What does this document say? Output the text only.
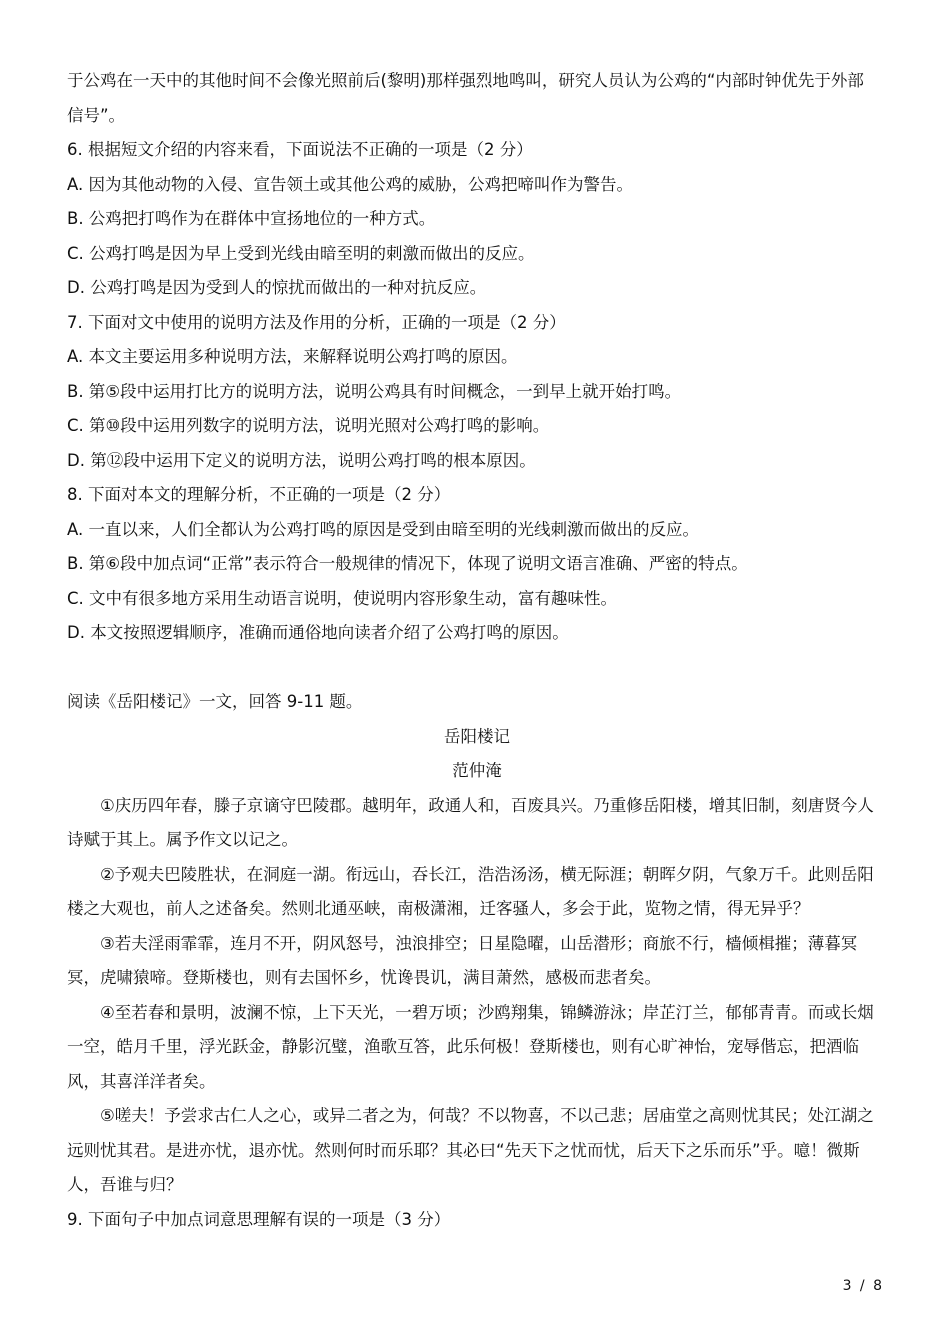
于公鸡在一天中的其他时间不会像光照前后(黎明)那样强烈地鸣叫，研究人员认为公鸡的“内部时钟优先于外部
信号”。
6. 根据短文介绍的内容来看，下面说法不正确的一项是（2 分）
A. 因为其他动物的入侵、宣告领土或其他公鸡的威胁，公鸡把啼叫作为警告。
B. 公鸡把打鸣作为在群体中宣扬地位的一种方式。
C. 公鸡打鸣是因为早上受到光线由暗至明的刺激而做出的反应。
D. 公鸡打鸣是因为受到人的惊扰而做出的一种对抗反应。
7. 下面对文中使用的说明方法及作用的分析，正确的一项是（2 分）
A. 本文主要运用多种说明方法，来解释说明公鸡打鸣的原因。
B. 第⑤段中运用打比方的说明方法，说明公鸡具有时间概念，一到早上就开始打鸣。
C. 第⑩段中运用列数字的说明方法，说明光照对公鸡打鸣的影响。
D. 第⑫段中运用下定义的说明方法，说明公鸡打鸣的根本原因。
8. 下面对本文的理解分析，不正确的一项是（2 分）
A. 一直以来，人们全都认为公鸡打鸣的原因是受到由暗至明的光线刺激而做出的反应。
B. 第⑥段中加点词“正常”表示符合一般规律的情况下，体现了说明文语言准确、严密的特点。
C. 文中有很多地方采用生动语言说明，使说明内容形象生动，富有趣味性。
D. 本文按照逻辑顺序，准确而通俗地向读者介绍了公鸡打鸣的原因。
阅读《岳阳楼记》一文，回答 9-11 题。
岳阳楼记
范仲淹
①庆历四年春，滕子京谪守巴陵郡。越明年，政通人和，百废具兴。乃重修岳阳楼，增其旧制，刻唐贤今人诗赋于其上。属予作文以记之。
②予观夫巴陵胜状，在洞庭一湖。衔远山，吞长江，浩浩汤汤，横无际涯；朝晖夕阴，气象万千。此则岳阳楼之大观也，前人之述备矣。然则北通巫峡，南极潇湘，迁客骚人，多会于此，览物之情，得无异乎？
③若夫淫雨霏霏，连月不开，阴风怒号，浊浪排空；日星隐曜，山岳潜形；商旅不行，樯倾楫摧；薄暮冥冥，虎啸猿啼。登斯楼也，则有去国怀乡，忧谗畏讥，满目萧然，感极而悲者矣。
④至若春和景明，波澜不惊，上下天光，一碧万顷；沙鸥翔集，锦鳞游泳；岸芷汀兰，郁郁青青。而或长烟一空，皓月千里，浮光跃金，静影沉璧，渔歌互答，此乐何极！登斯楼也，则有心旷神怡，宠辱偕忘，把酒临风，其喜洋洋者矣。
⑤嗟夫！予尝求古仁人之心，或异二者之为，何哉？不以物喜，不以己悲；居庙堂之高则忧其民；处江湖之远则忧其君。是进亦忧，退亦忧。然则何时而乐耶？其必曰“先天下之忧而忧，后天下之乐而乐”乎。噫！微斯人，吾谁与归？
9. 下面句子中加点词意思理解有误的一项是（3 分）
3 / 8
